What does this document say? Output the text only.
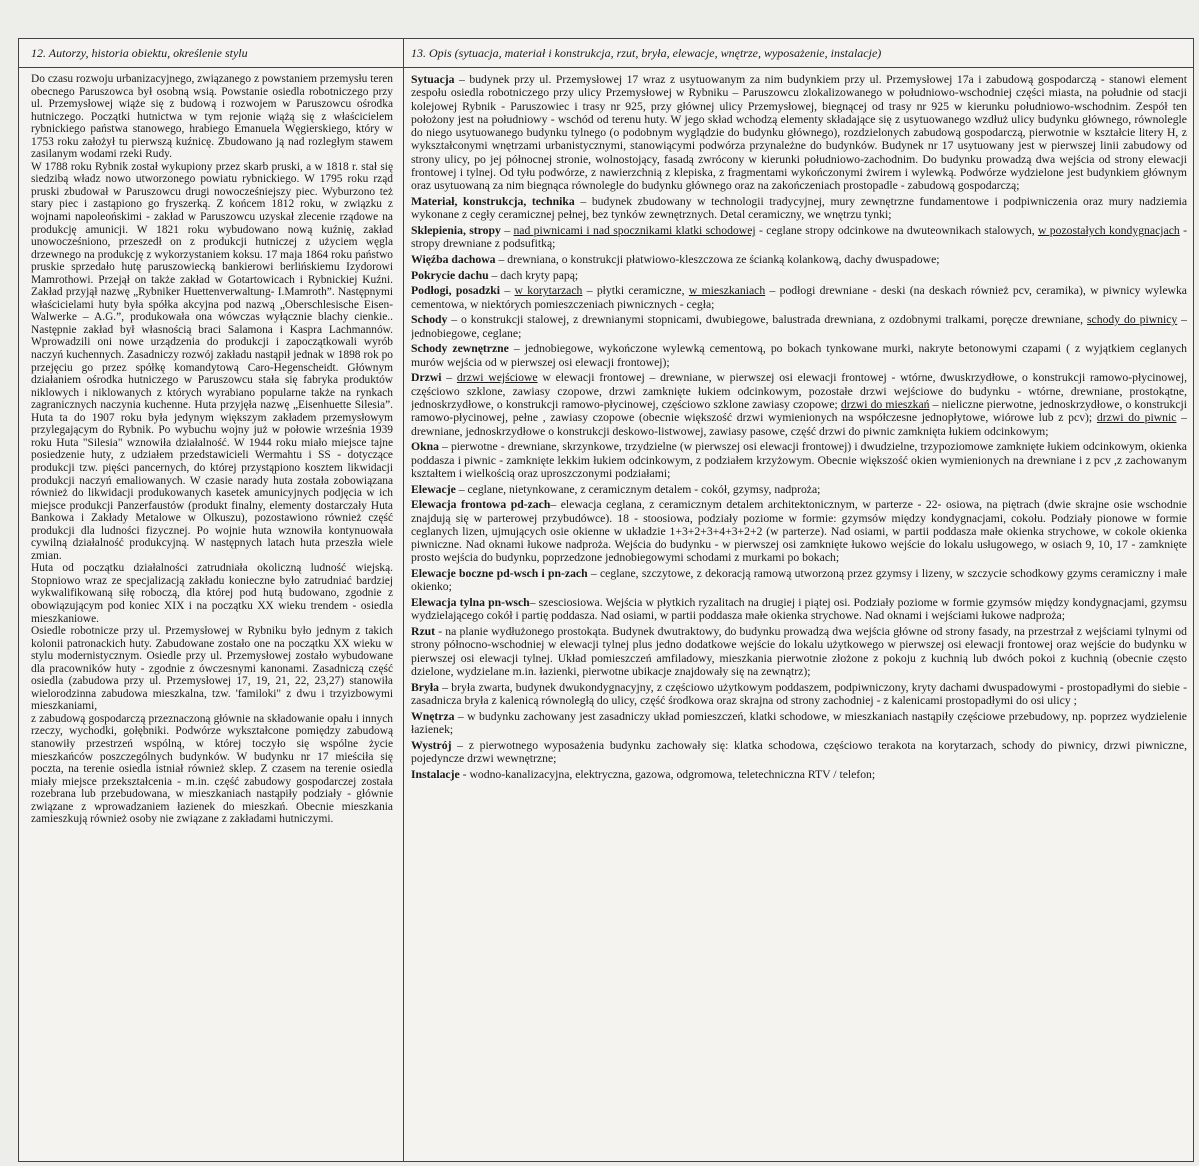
12. Autorzy, historia obiektu, określenie stylu	13. Opis (sytuacja, materiał i konstrukcja, rzut, bryła, elewacje, wnętrze, wyposażenie, instalacje)

Do czasu rozwoju urbanizacyjnego, związanego z powstaniem przemysłu teren obecnego Paruszowca był osobną wsią. Powstanie osiedla robotniczego przy ul. Przemysłowej wiąże się z budową i rozwojem w Paruszowcu ośrodka hutniczego. Początki hutnictwa w tym rejonie wiążą się z właścicielem rybnickiego państwa stanowego, hrabiego Emanuela Węgierskiego, który w 1753 roku założył tu pierwszą kuźnicę. Zbudowano ją nad rozległym stawem zasilanym wodami rzeki Rudy.

W 1788 roku Rybnik został wykupiony przez skarb pruski, a w 1818 r. stał się siedzibą władz nowo utworzonego powiatu rybnickiego. W 1795 roku rząd pruski zbudował w Paruszowcu drugi nowocześniejszy piec. Wyburzono też stary piec i zastąpiono go fryszerką. Z końcem 1812 roku, w związku z wojnami napoleońskimi - zakład w Paruszowcu uzyskał zlecenie rządowe na produkcję amunicji. W 1821 roku wybudowano nową kuźnię, zakład unowocześniono, przeszedł on z produkcji hutniczej z użyciem węgla drzewnego na produkcję z wykorzystaniem koksu. 17 maja 1864 roku państwo pruskie sprzedało hutę paruszowiecką bankierowi berlińskiemu Izydorowi Mamrothowi. Przejął on także zakład w Gotartowicach i Rybnickiej Kuźni. Zakład przyjął nazwę „Rybniker Huettenverwaltung- I.Mamroth”. Następnymi właścicielami huty była spółka akcyjna pod nazwą „Oberschlesische Eisen-Walwerke – A.G.”, produkowała ona wówczas wyłącznie blachy cienkie.. Następnie zakład był własnością braci Salamona i Kaspra Lachmannów. Wprowadzili oni nowe urządzenia do produkcji i zapoczątkowali wyrób naczyń kuchennych. Zasadniczy rozwój zakładu nastąpił jednak w 1898 rok po przejęciu go przez spółkę komandytową Caro-Hegenscheidt. Głównym działaniem ośrodka hutniczego w Paruszowcu stała się fabryka produktów niklowych i niklowanych z których wyrabiano popularne także na rynkach zagranicznych naczynia kuchenne. Huta przyjęła nazwę „Eisenhuette Silesia”. Huta ta do 1907 roku była jedynym większym zakładem przemysłowym przylegającym do Rybnik. Po wybuchu wojny już w połowie września 1939 roku Huta "Silesia" wznowiła działalność. W 1944 roku miało miejsce tajne posiedzenie huty, z udziałem przedstawicieli Wermahtu i SS - dotyczące produkcji tzw. pięści pancernych, do której przystąpiono kosztem likwidacji produkcji naczyń emaliowanych. W czasie narady huta została zobowiązana również do likwidacji produkowanych kasetek amunicyjnych podjęcia w ich miejsce produkcji Panzerfaustów (produkt finalny, elementy dostarczały Huta Bankowa i Zakłady Metalowe w Olkuszu), pozostawiono również część produkcji dla ludności fizycznej. Po wojnie huta wznowiła kontynuowała cywilną działalność produkcyjną. W następnych latach huta przeszła wiele zmian.

Huta od początku działalności zatrudniała okoliczną ludność wiejską. Stopniowo wraz ze specjalizacją zakładu konieczne było zatrudniać bardziej wykwalifikowaną siłę roboczą, dla której pod hutą budowano, zgodnie z obowiązującym pod koniec XIX i na początku XX wieku trendem - osiedla mieszkaniowe.

Osiedle robotnicze przy ul. Przemysłowej w Rybniku było jednym z takich kolonii patronackich huty. Zabudowane zostało one na początku XX wieku w stylu modernistycznym. Osiedle przy ul. Przemysłowej zostało wybudowane dla pracowników huty - zgodnie z ówczesnymi kanonami. Zasadniczą część osiedla (zabudowa przy ul. Przemysłowej 17, 19, 21, 22, 23,27) stanowiła wielorodzinna zabudowa mieszkalna, tzw. 'familoki" z dwu i trzyizbowymi mieszkaniami,

z zabudową gospodarczą przeznaczoną głównie na składowanie opału i innych rzeczy, wychodki, gołębniki. Podwórze wykształcone pomiędzy zabudową stanowiły przestrzeń wspólną, w której toczyło się wspólne życie mieszkańców poszczególnych budynków. W budynku nr 17 mieściła się poczta, na terenie osiedla istniał również sklep. Z czasem na terenie osiedla miały miejsce przekształcenia - m.in. część zabudowy gospodarczej została rozebrana lub przebudowana, w mieszkaniach nastąpiły podziały - głównie związane z wprowadzaniem łazienek do mieszkań. Obecnie mieszkania zamieszkują również osoby nie związane z zakładami hutniczymi.

Sytuacja – budynek przy ul. Przemysłowej 17 wraz z usytuowanym za nim budynkiem przy ul. Przemysłowej 17a i zabudową gospodarczą - stanowi element zespołu osiedla robotniczego przy ulicy Przemysłowej w Rybniku – Paruszowcu zlokalizowanego w południowo-wschodniej części miasta, na południe od stacji kolejowej Rybnik - Paruszowiec i trasy nr 925, przy głównej ulicy Przemysłowej, biegnącej od trasy nr 925 w kierunku południowo-wschodnim. Zespół ten położony jest na południowy - wschód od terenu huty. W jego skład wchodzą elementy składające się z usytuowanego wzdłuż ulicy budynku głównego, równolegle do niego usytuowanego budynku tylnego (o podobnym wyglądzie do budynku głównego), rozdzielonych zabudową gospodarczą, pierwotnie w kształcie litery H, z wykształconymi wnętrzami urbanistycznymi, stanowiącymi podwórza przynależne do budynków. Budynek nr 17 usytuowany jest w pierwszej linii zabudowy od strony ulicy, po jej północnej stronie, wolnostojący, fasadą zwrócony w kierunki południowo-zachodnim. Do budynku prowadzą dwa wejścia od strony elewacji frontowej i tylnej. Od tyłu podwórze, z nawierzchnią z klepiska, z fragmentami wykończonymi żwirem i wylewką. Podwórze wydzielone jest budynkiem głównym oraz usytuowaną za nim biegnąca równolegle do budynku głównego oraz na zakończeniach prostopadle - zabudową gospodarczą;

Materiał, konstrukcja, technika – budynek zbudowany w technologii tradycyjnej, mury zewnętrzne fundamentowe i podpiwniczenia oraz mury nadziemia wykonane z cegły ceramicznej pełnej, bez tynków zewnętrznych. Detal ceramiczny, we wnętrzu tynki;

Sklepienia, stropy – nad piwnicami i nad spocznikami klatki schodowej - ceglane stropy odcinkowe na dwuteownikach stalowych, w pozostałych kondygnacjach - stropy drewniane z podsufitką;

Więźba dachowa – drewniana, o konstrukcji płatwiowo-kleszczowa ze ścianką kolankową, dachy dwuspadowe;

Pokrycie dachu – dach kryty papą;

Podłogi, posadzki – w korytarzach – płytki ceramiczne, w mieszkaniach – podłogi drewniane - deski (na deskach również pcv, ceramika), w piwnicy wylewka cementowa, w niektórych pomieszczeniach piwnicznych - cegła;

Schody – o konstrukcji stalowej, z drewnianymi stopnicami, dwubiegowe, balustrada drewniana, z ozdobnymi tralkami, poręcze drewniane, schody do piwnicy – jednobiegowe, ceglane;

Schody zewnętrzne – jednobiegowe, wykończone wylewką cementową, po bokach tynkowane murki, nakryte betonowymi czapami ( z wyjątkiem ceglanych murów wejścia od w pierwszej osi elewacji frontowej);

Drzwi – drzwi wejściowe w elewacji frontowej – drewniane, w pierwszej osi elewacji frontowej - wtórne, dwuskrzydłowe, o konstrukcji ramowo-płycinowej, częściowo szklone, zawiasy czopowe, drzwi zamknięte łukiem odcinkowym, pozostałe drzwi wejściowe do budynku - wtórne, drewniane, prostokątne, jednoskrzydłowe, o konstrukcji ramowo-płycinowej, częściowo szklone zawiasy czopowe; drzwi do mieszkań – nieliczne pierwotne, jednoskrzydłowe, o konstrukcji ramowo-płycinowej, pełne , zawiasy czopowe (obecnie większość drzwi wymienionych na współczesne jednopłytowe, wiórowe lub z pcv); drzwi do piwnic – drewniane, jednoskrzydłowe o konstrukcji deskowo-listwowej, zawiasy pasowe, część drzwi do piwnic zamknięta łukiem odcinkowym;

Okna – pierwotne - drewniane, skrzynkowe, trzydzielne (w pierwszej osi elewacji frontowej) i dwudzielne, trzypoziomowe zamknięte łukiem odcinkowym, okienka poddasza i piwnic - zamknięte lekkim łukiem odcinkowym, z podziałem krzyżowym. Obecnie większość okien wymienionych na drewniane i z pcv ,z zachowanym kształtem i wielkością oraz uproszczonymi podziałami;

Elewacje – ceglane, nietynkowane, z ceramicznym detalem - cokół, gzymsy, nadproża;

Elewacja frontowa pd-zach– elewacja ceglana, z ceramicznym detalem architektonicznym, w parterze - 22- osiowa, na piętrach (dwie skrajne osie wschodnie znajdują się w parterowej przybudówce). 18 - stoosiowa, podziały poziome w formie: gzymsów między kondygnacjami, cokołu. Podziały pionowe w formie ceglanych lizen, ujmujących osie okienne w układzie 1+3+2+3+4+3+2+2 (w parterze). Nad osiami, w partii poddasza małe okienka strychowe, w cokole okienka piwniczne. Nad oknami łukowe nadproża. Wejścia do budynku - w pierwszej osi zamknięte łukowo wejście do lokalu usługowego, w osiach 9, 10, 17 - zamknięte prosto wejścia do budynku, poprzedzone jednobiegowymi schodami z murkami po bokach;

Elewacje boczne pd-wsch i pn-zach – ceglane, szczytowe, z dekoracją ramową utworzoną przez gzymsy i lizeny, w szczycie schodkowy gzyms ceramiczny i małe okienko;

Elewacja tylna pn-wsch– szesciosiowa. Wejścia w płytkich ryzalitach na drugiej i piątej osi. Podziały poziome w formie gzymsów między kondygnacjami, gzymsu wydzielającego cokół i partię poddasza. Nad osiami, w partii poddasza małe okienka strychowe. Nad oknami i wejściami łukowe nadproża;

Rzut - na planie wydłużonego prostokąta. Budynek dwutraktowy, do budynku prowadzą dwa wejścia główne od strony fasady, na przestrzał z wejściami tylnymi od strony północno-wschodniej w elewacji tylnej plus jedno dodatkowe wejście do lokalu użytkowego w pierwszej osi elewacji frontowej oraz wejście do budynku w pierwszej osi elewacji tylnej. Układ pomieszczeń amfiladowy, mieszkania pierwotnie złożone z pokoju z kuchnią lub dwóch pokoi z kuchnią (obecnie często dzielone, wydzielane m.in. łazienki, pierwotne ubikacje znajdowały się na zewnątrz);

Bryła – bryła zwarta, budynek dwukondygnacyjny, z częściowo użytkowym poddaszem, podpiwniczony, kryty dachami dwuspadowymi - prostopadłymi do siebie - zasadnicza bryła z kalenicą równoległą do ulicy, część środkowa oraz skrajna od strony zachodniej - z kalenicami prostopadłymi do osi ulicy ;

Wnętrza – w budynku zachowany jest zasadniczy układ pomieszczeń, klatki schodowe, w mieszkaniach nastąpiły częściowe przebudowy, np. poprzez wydzielenie łazienek;

Wystrój – z pierwotnego wyposażenia budynku zachowały się: klatka schodowa, częściowo terakota na korytarzach, schody do piwnicy, drzwi piwniczne, pojedyncze drzwi wewnętrzne;

Instalacje - wodno-kanalizacyjna, elektryczna, gazowa, odgromowa, teletechniczna RTV / telefon;
